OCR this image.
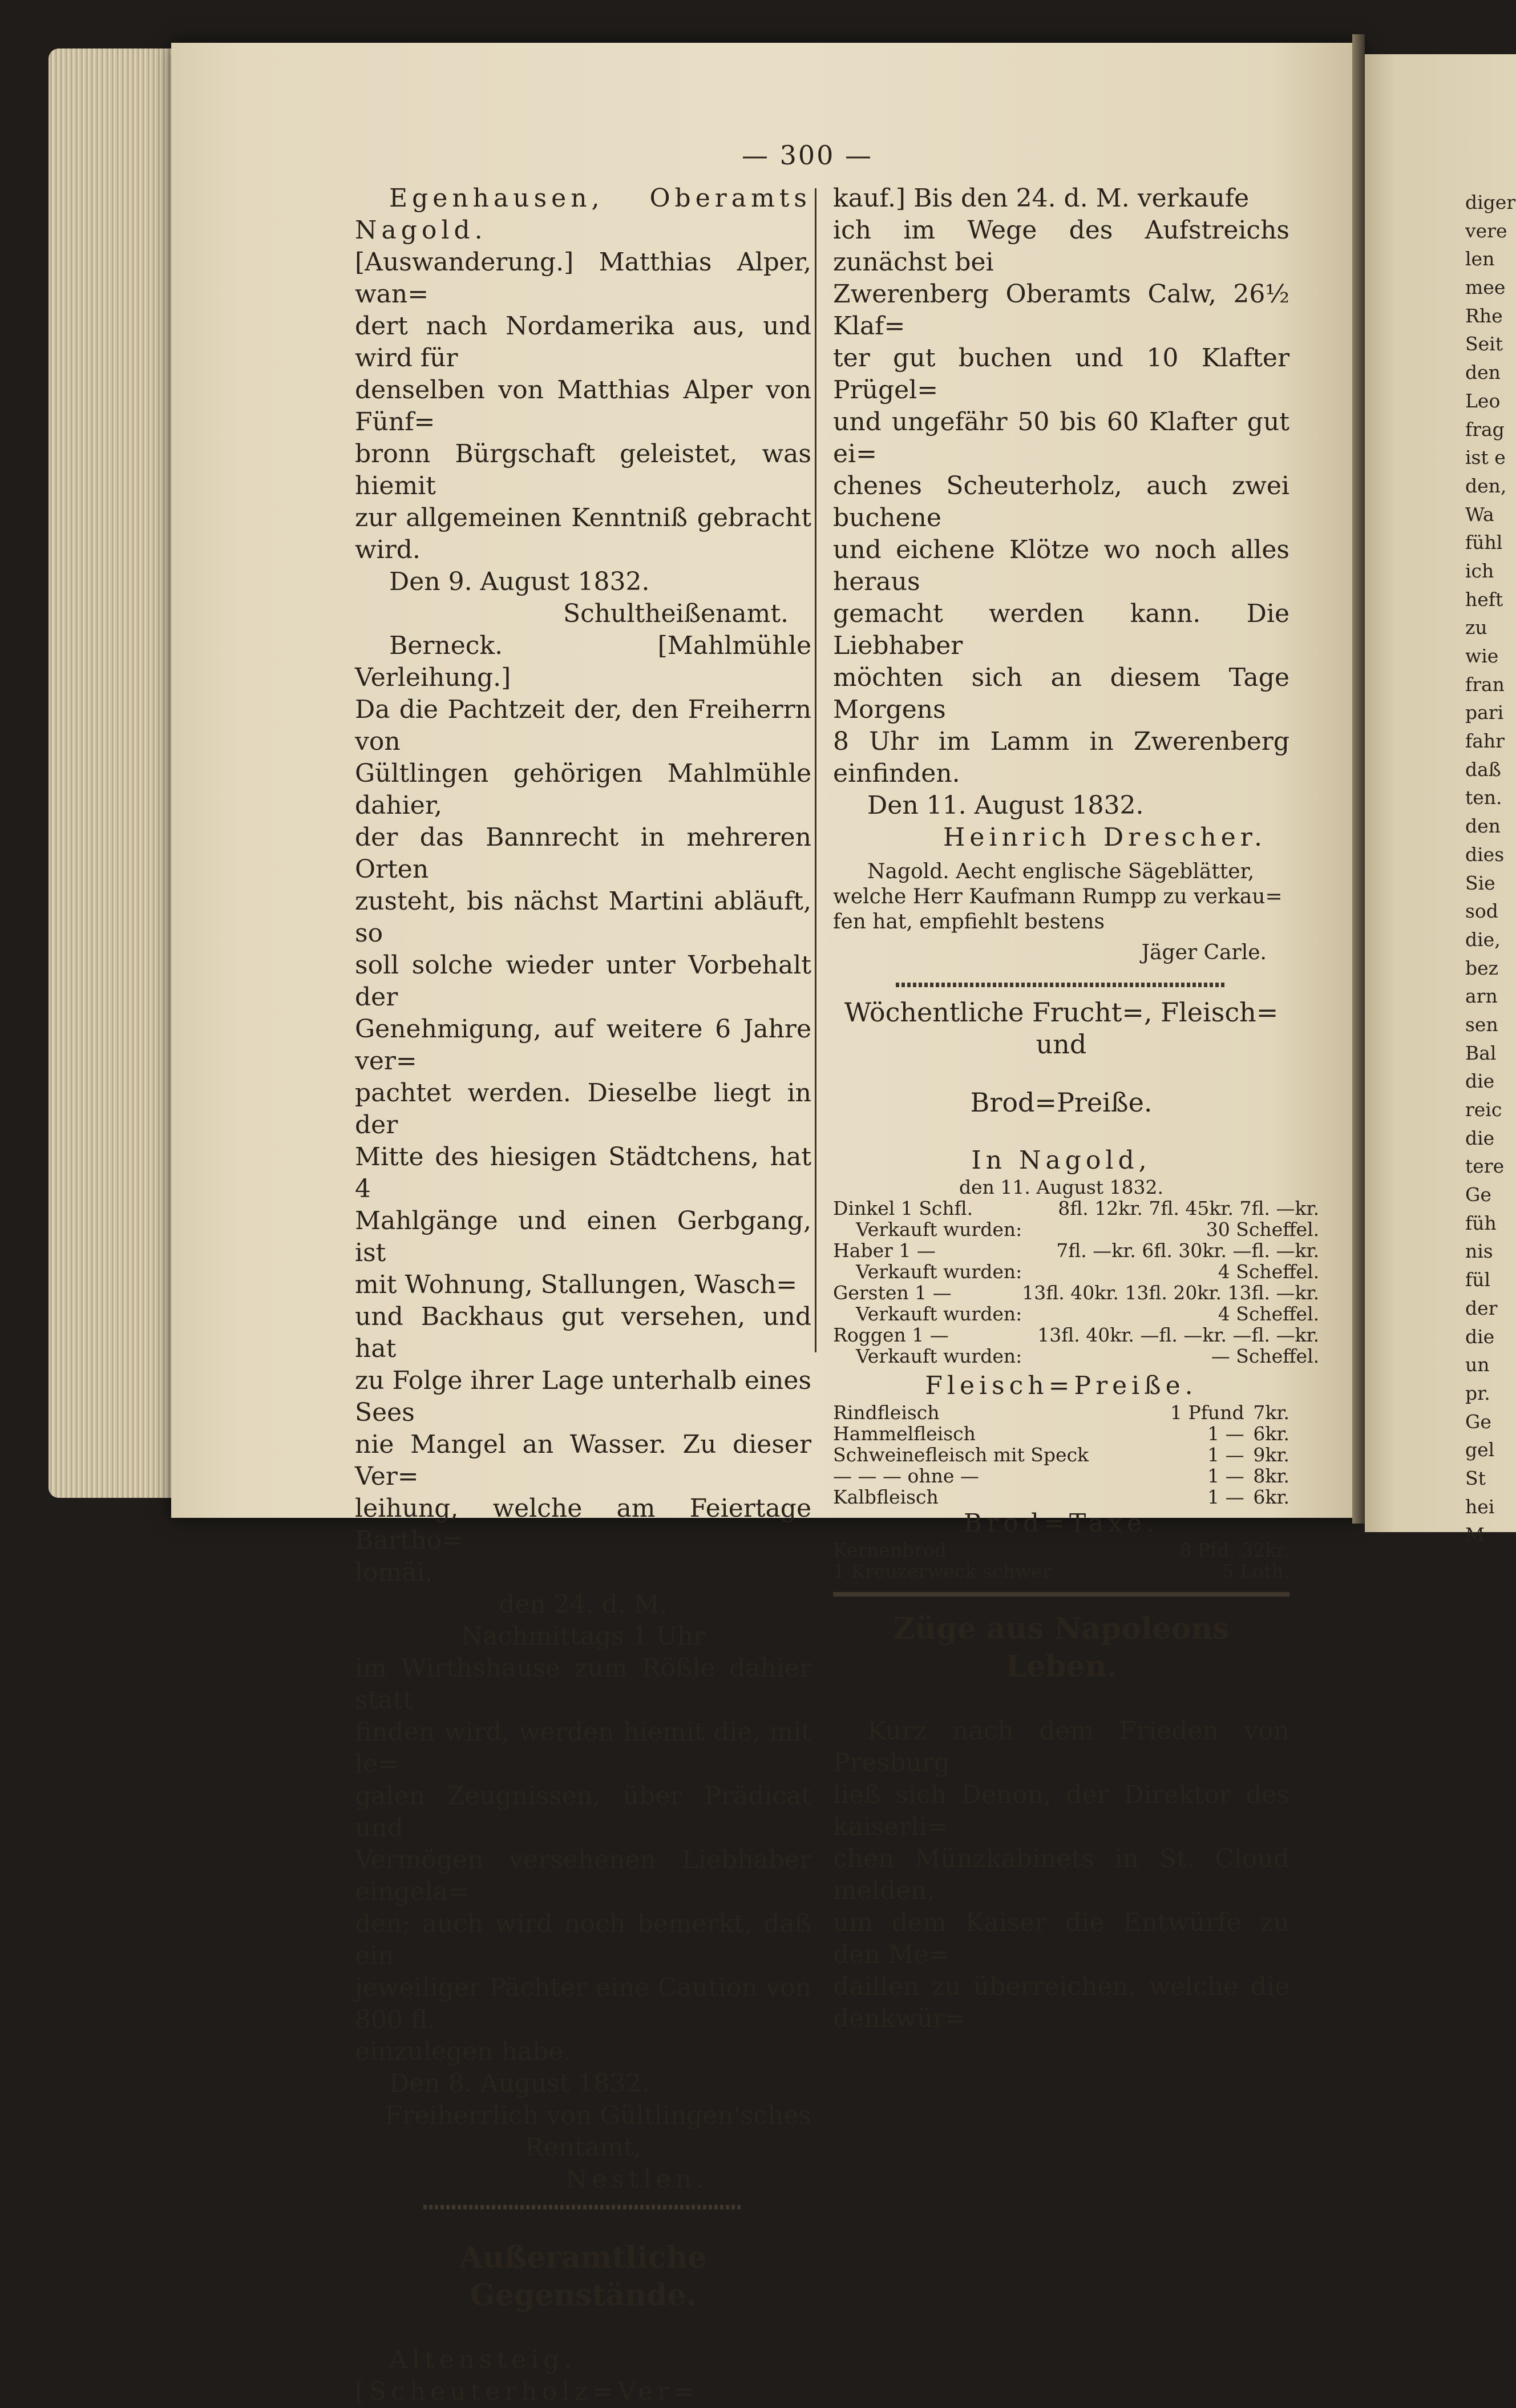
— 300 —

Egenhausen, Oberamts Nagold.

[Auswanderung.] Matthias Alper, wan=

dert nach Nordamerika aus, und wird für

denselben von Matthias Alper von Fünf=

bronn Bürgschaft geleistet, was hiemit

zur allgemeinen Kenntniß gebracht wird.

Den 9. August 1832.

Schultheißenamt.

Berneck. [Mahlmühle Verleihung.]

Da die Pachtzeit der, den Freiherrn von

Gültlingen gehörigen Mahlmühle dahier,

der das Bannrecht in mehreren Orten

zusteht, bis nächst Martini abläuft, so

soll solche wieder unter Vorbehalt der

Genehmigung, auf weitere 6 Jahre ver=

pachtet werden. Dieselbe liegt in der

Mitte des hiesigen Städtchens, hat 4

Mahlgänge und einen Gerbgang, ist

mit Wohnung, Stallungen, Wasch=

und Backhaus gut versehen, und hat

zu Folge ihrer Lage unterhalb eines Sees

nie Mangel an Wasser. Zu dieser Ver=

leihung, welche am Feiertage Bartho=

lomäi,

den 24. d. M.

Nachmittags 1 Uhr

im Wirthshause zum Rößle dahier statt

finden wird, werden hiemit die, mit le=

galen Zeugnissen, über Prädicat und

Vermögen versehenen Liebhaber eingela=

den; auch wird noch bemerkt, daß ein

jeweiliger Pächter eine Caution von 800 fl.

einzulegen habe.

Den 8. August 1832.

Freiherrlich von Gültlingen'sches

Rentamt,

Nestlen.

Außeramtliche Gegenstände.

Altensteig. [Scheuterholz=Ver=

kauf.] Bis den 24. d. M. verkaufe

ich im Wege des Aufstreichs zunächst bei

Zwerenberg Oberamts Calw, 26½ Klaf=

ter gut buchen und 10 Klafter Prügel=

und ungefähr 50 bis 60 Klafter gut ei=

chenes Scheuterholz, auch zwei buchene

und eichene Klötze wo noch alles heraus

gemacht werden kann. Die Liebhaber

möchten sich an diesem Tage Morgens

8 Uhr im Lamm in Zwerenberg einfinden.

Den 11. August 1832.

Heinrich Drescher.

Nagold. Aecht englische Sägeblätter,

welche Herr Kaufmann Rumpp zu verkau=

fen hat, empfiehlt bestens

Jäger Carle.

Wöchentliche Frucht=, Fleisch= und

Brod=Preiße.

In Nagold,

den 11. August 1832.

Dinkel 1 Schfl.	8fl. 12kr. 7fl. 45kr. 7fl. —kr.
Verkauft wurden:	30 Scheffel.
Haber 1 —	7fl. —kr. 6fl. 30kr. —fl. —kr.
Verkauft wurden:	4 Scheffel.
Gersten 1 —	13fl. 40kr. 13fl. 20kr. 13fl. —kr.
Verkauft wurden:	4 Scheffel.
Roggen 1 —	13fl. 40kr. —fl. —kr. —fl. —kr.
Verkauft wurden:	— Scheffel.

Fleisch=Preiße.

Rindfleisch	1 Pfund	7kr.
Hammelfleisch	1 —	6kr.
Schweinefleisch mit Speck	1 —	9kr.
— — — ohne —	1 —	8kr.
Kalbfleisch	1 —	6kr.

Brod=Taxe.

Kernenbrod	8 Pfd. 32kr.
1 Kreuzerweck schwer	5 Loth.

Züge aus Napoleons Leben.

Kurz nach dem Frieden von Presburg

ließ sich Denon, der Direktor des kaiserli=

chen Münzkabinets in St. Cloud melden,

um dem Kaiser die Entwürfe zu den Me=

daillen zu überreichen, welche die denkwür=

diger
vere
len
mee
Rhe
Seit
den
Leo
frag
ist e
den,
Wa
fühl
ich
heft
zu
wie
fran
pari
fahr
daß
ten.
den
dies
Sie
sod
die,
bez
arn
sen
Bal
die
reic
die
tere
Ge
füh
nis
fül
der
die
un
pr.
Ge
gel
St
hei
M
